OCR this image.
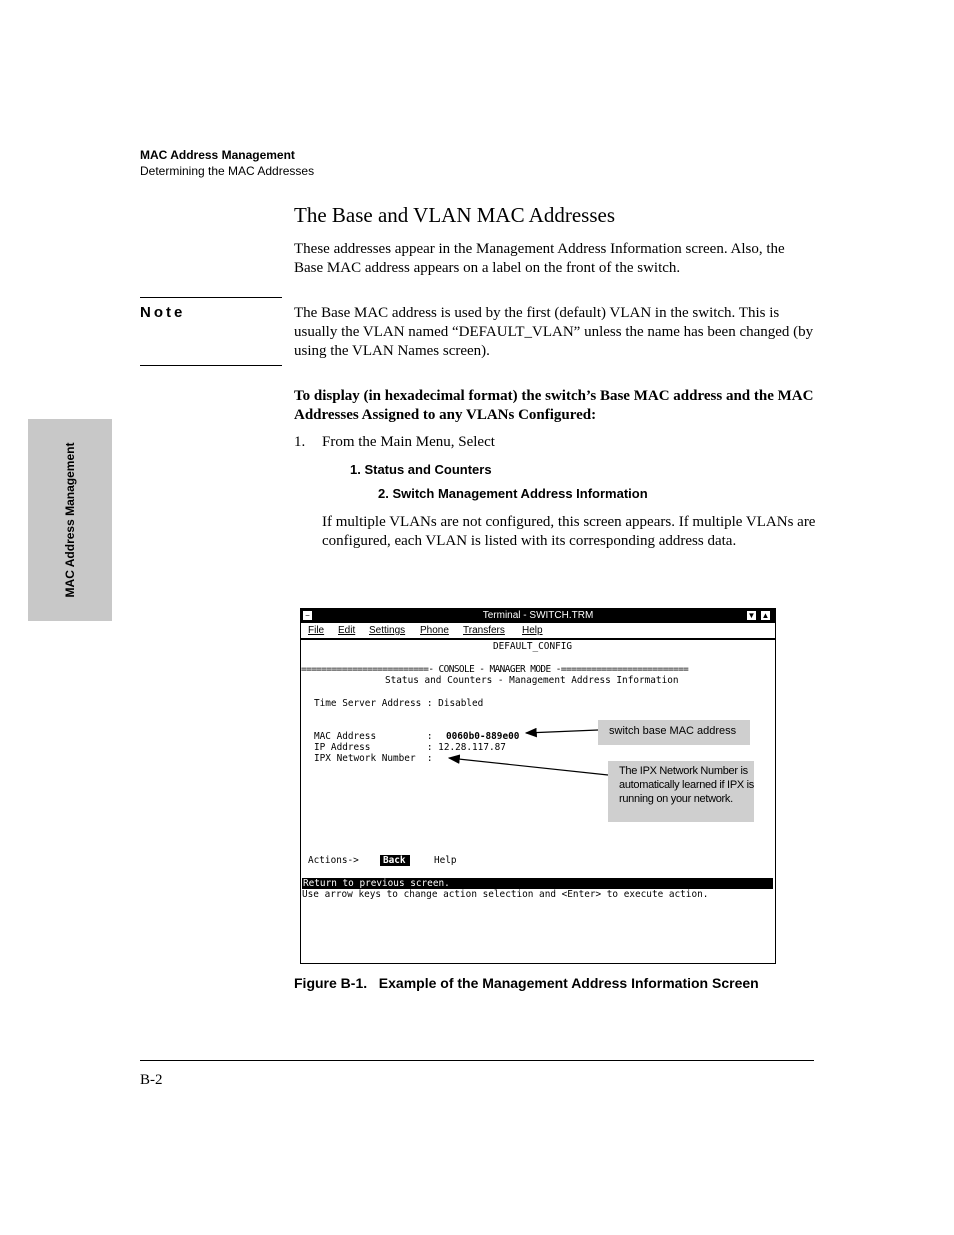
MAC Address Management
Determining the MAC Addresses
MAC Address Management
The Base and VLAN MAC Addresses
These addresses appear in the Management Address Information screen. Also, the Base MAC address appears on a label on the front of the switch.
Note	The Base MAC address is used by the first (default) VLAN in the switch. This is usually the VLAN named “DEFAULT_VLAN” unless the name has been changed (by using the VLAN Names screen).
To display (in hexadecimal format) the switch’s Base MAC address and the MAC Addresses Assigned to any VLANs Configured:
1. From the Main Menu, Select
1. Status and Counters
2. Switch Management Address Information
If multiple VLANs are not configured, this screen appears. If multiple VLANs are configured, each VLAN is listed with its corresponding address data.
−	Terminal - SWITCH.TRM	▼ ▲
File Edit Settings Phone Transfers Help
DEFAULT_CONFIG
=========================- CONSOLE - MANAGER MODE -=========================
Status and Counters - Management Address Information
Time Server Address : Disabled
MAC Address         : 0060b0-889e00
IP Address          : 12.28.117.87
IPX Network Number  :
Actions->	Back	Help
Return to previous screen.
Use arrow keys to change action selection and <Enter> to execute action.
switch base MAC address
The IPX Network Number is automatically learned if IPX is running on your network.
Figure B-1.   Example of the Management Address Information Screen
B-2
